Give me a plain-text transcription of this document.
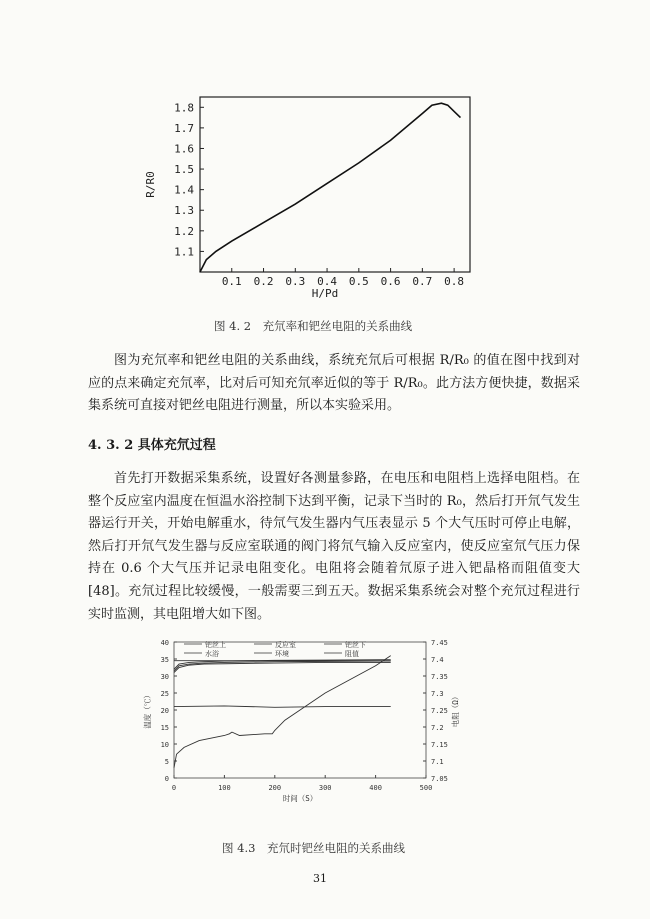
1.1
1.2
1.3
1.4
1.5
1.6
1.7
1.8
0.1 0.2 0.3 0.4 0.5 0.6 0.7 0.8
H/Pd
R/R0
图 4. 2　充氘率和钯丝电阻的关系曲线
图为充氘率和钯丝电阻的关系曲线，系统充氘后可根据 R/R₀ 的值在图中找到对应的点来确定充氘率，比对后可知充氘率近似的等于 R/R₀。此方法方便快捷，数据采集系统可直接对钯丝电阻进行测量，所以本实验采用。
4. 3. 2 具体充氘过程
首先打开数据采集系统，设置好各测量参路，在电压和电阻档上选择电阻档。在整个反应室内温度在恒温水浴控制下达到平衡，记录下当时的 R₀，然后打开氘气发生器运行开关，开始电解重水，待氘气发生器内气压表显示 5 个大气压时可停止电解，然后打开氘气发生器与反应室联通的阀门将氘气输入反应室内，使反应室氘气压力保持在 0.6 个大气压并记录电阻变化。电阻将会随着氘原子进入钯晶格而阻值变大[48]。充氘过程比较缓慢，一般需要三到五天。数据采集系统会对整个充氘过程进行实时监测，其电阻增大如下图。
0
5
10
15
20
25
30
35
40
7.05
7.1
7.15
7.2
7.25
7.3
7.35
7.4
7.45
0	100	200	300	400	500
时间（S）
温度（℃）	电阻（Ω）
钯丝上	反应室	钯丝下
水浴	环境	阻值
图 4.3　充氘时钯丝电阻的关系曲线
31
